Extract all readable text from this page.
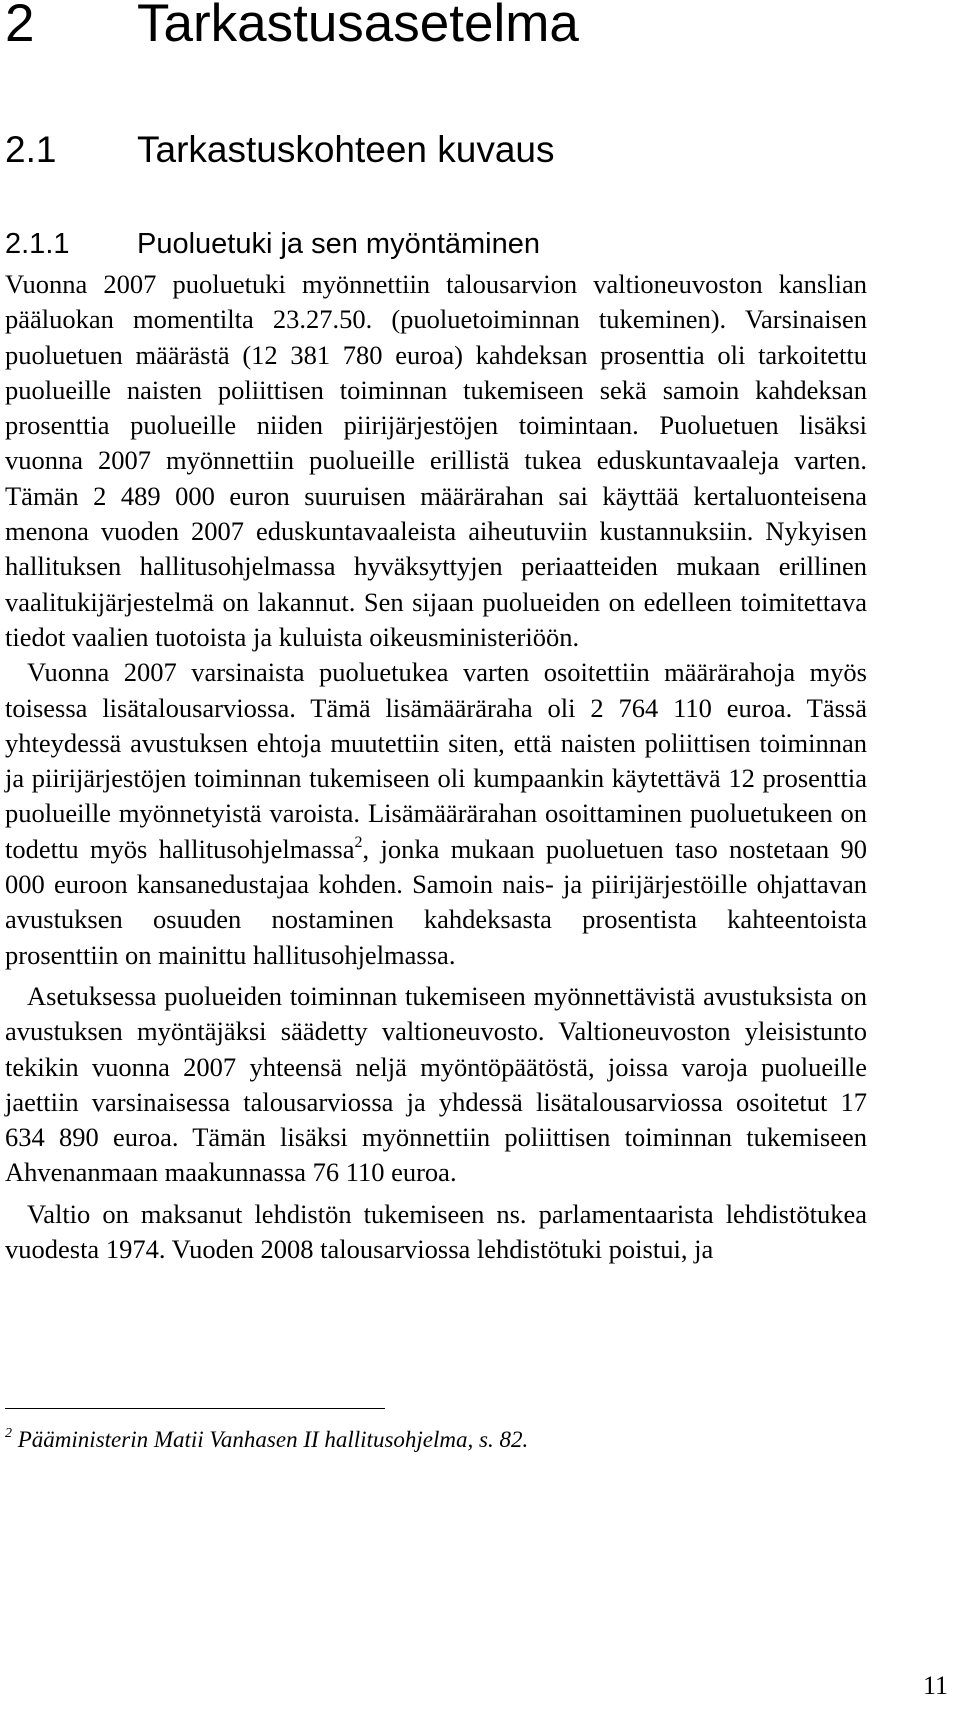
2 Tarkastusasetelma
2.1 Tarkastuskohteen kuvaus
2.1.1 Puoluetuki ja sen myöntäminen

Vuonna 2007 puoluetuki myönnettiin talousarvion valtioneuvoston kanslian pääluokan momentilta 23.27.50. (puoluetoiminnan tukeminen). Varsinaisen puoluetuen määrästä (12 381 780 euroa) kahdeksan prosenttia oli tarkoitettu puolueille naisten poliittisen toiminnan tukemiseen sekä samoin kahdeksan prosenttia puolueille niiden piirijärjestöjen toimintaan. Puoluetuen lisäksi vuonna 2007 myönnettiin puolueille erillistä tukea eduskuntavaaleja varten. Tämän 2 489 000 euron suuruisen määrärahan sai käyttää kertaluonteisena menona vuoden 2007 eduskuntavaaleista aiheutuviin kustannuksiin. Nykyisen hallituksen hallitusohjelmassa hyväksyttyjen periaatteiden mukaan erillinen vaalitukijärjestelmä on lakannut. Sen sijaan puolueiden on edelleen toimitettava tiedot vaalien tuotoista ja kuluista oikeusministeriöön.

Vuonna 2007 varsinaista puoluetukea varten osoitettiin määrärahoja myös toisessa lisätalousarviossa. Tämä lisämääräraha oli 2 764 110 euroa. Tässä yhteydessä avustuksen ehtoja muutettiin siten, että naisten poliittisen toiminnan ja piirijärjestöjen toiminnan tukemiseen oli kumpaankin käytettävä 12 prosenttia puolueille myönnetyistä varoista. Lisämäärärahan osoittaminen puoluetukeen on todettu myös hallitusohjelmassa$^2$, jonka mukaan puoluetuen taso nostetaan 90 000 euroon kansanedustajaa kohden. Samoin nais- ja piirijärjestöille ohjattavan avustuksen osuuden nostaminen kahdeksasta prosentista kahteentoista prosenttiin on mainittu hallitusohjelmassa.

Asetuksessa puolueiden toiminnan tukemiseen myönnettävistä avustuksista on avustuksen myöntäjäksi säädetty valtioneuvosto. Valtioneuvoston yleisistunto tekikin vuonna 2007 yhteensä neljä myöntöpäätöstä, joissa varoja puolueille jaettiin varsinaisessa talousarviossa ja yhdessä lisätalousarviossa osoitetut 17 634 890 euroa. Tämän lisäksi myönnettiin poliittisen toiminnan tukemiseen Ahvenanmaan maakunnassa 76 110 euroa.

Valtio on maksanut lehdistön tukemiseen ns. parlamentaarista lehdistötukea vuodesta 1974. Vuoden 2008 talousarviossa lehdistötuki poistui, ja

$^2$ Pääministerin Matii Vanhasen II hallitusohjelma, s. 82.

11
